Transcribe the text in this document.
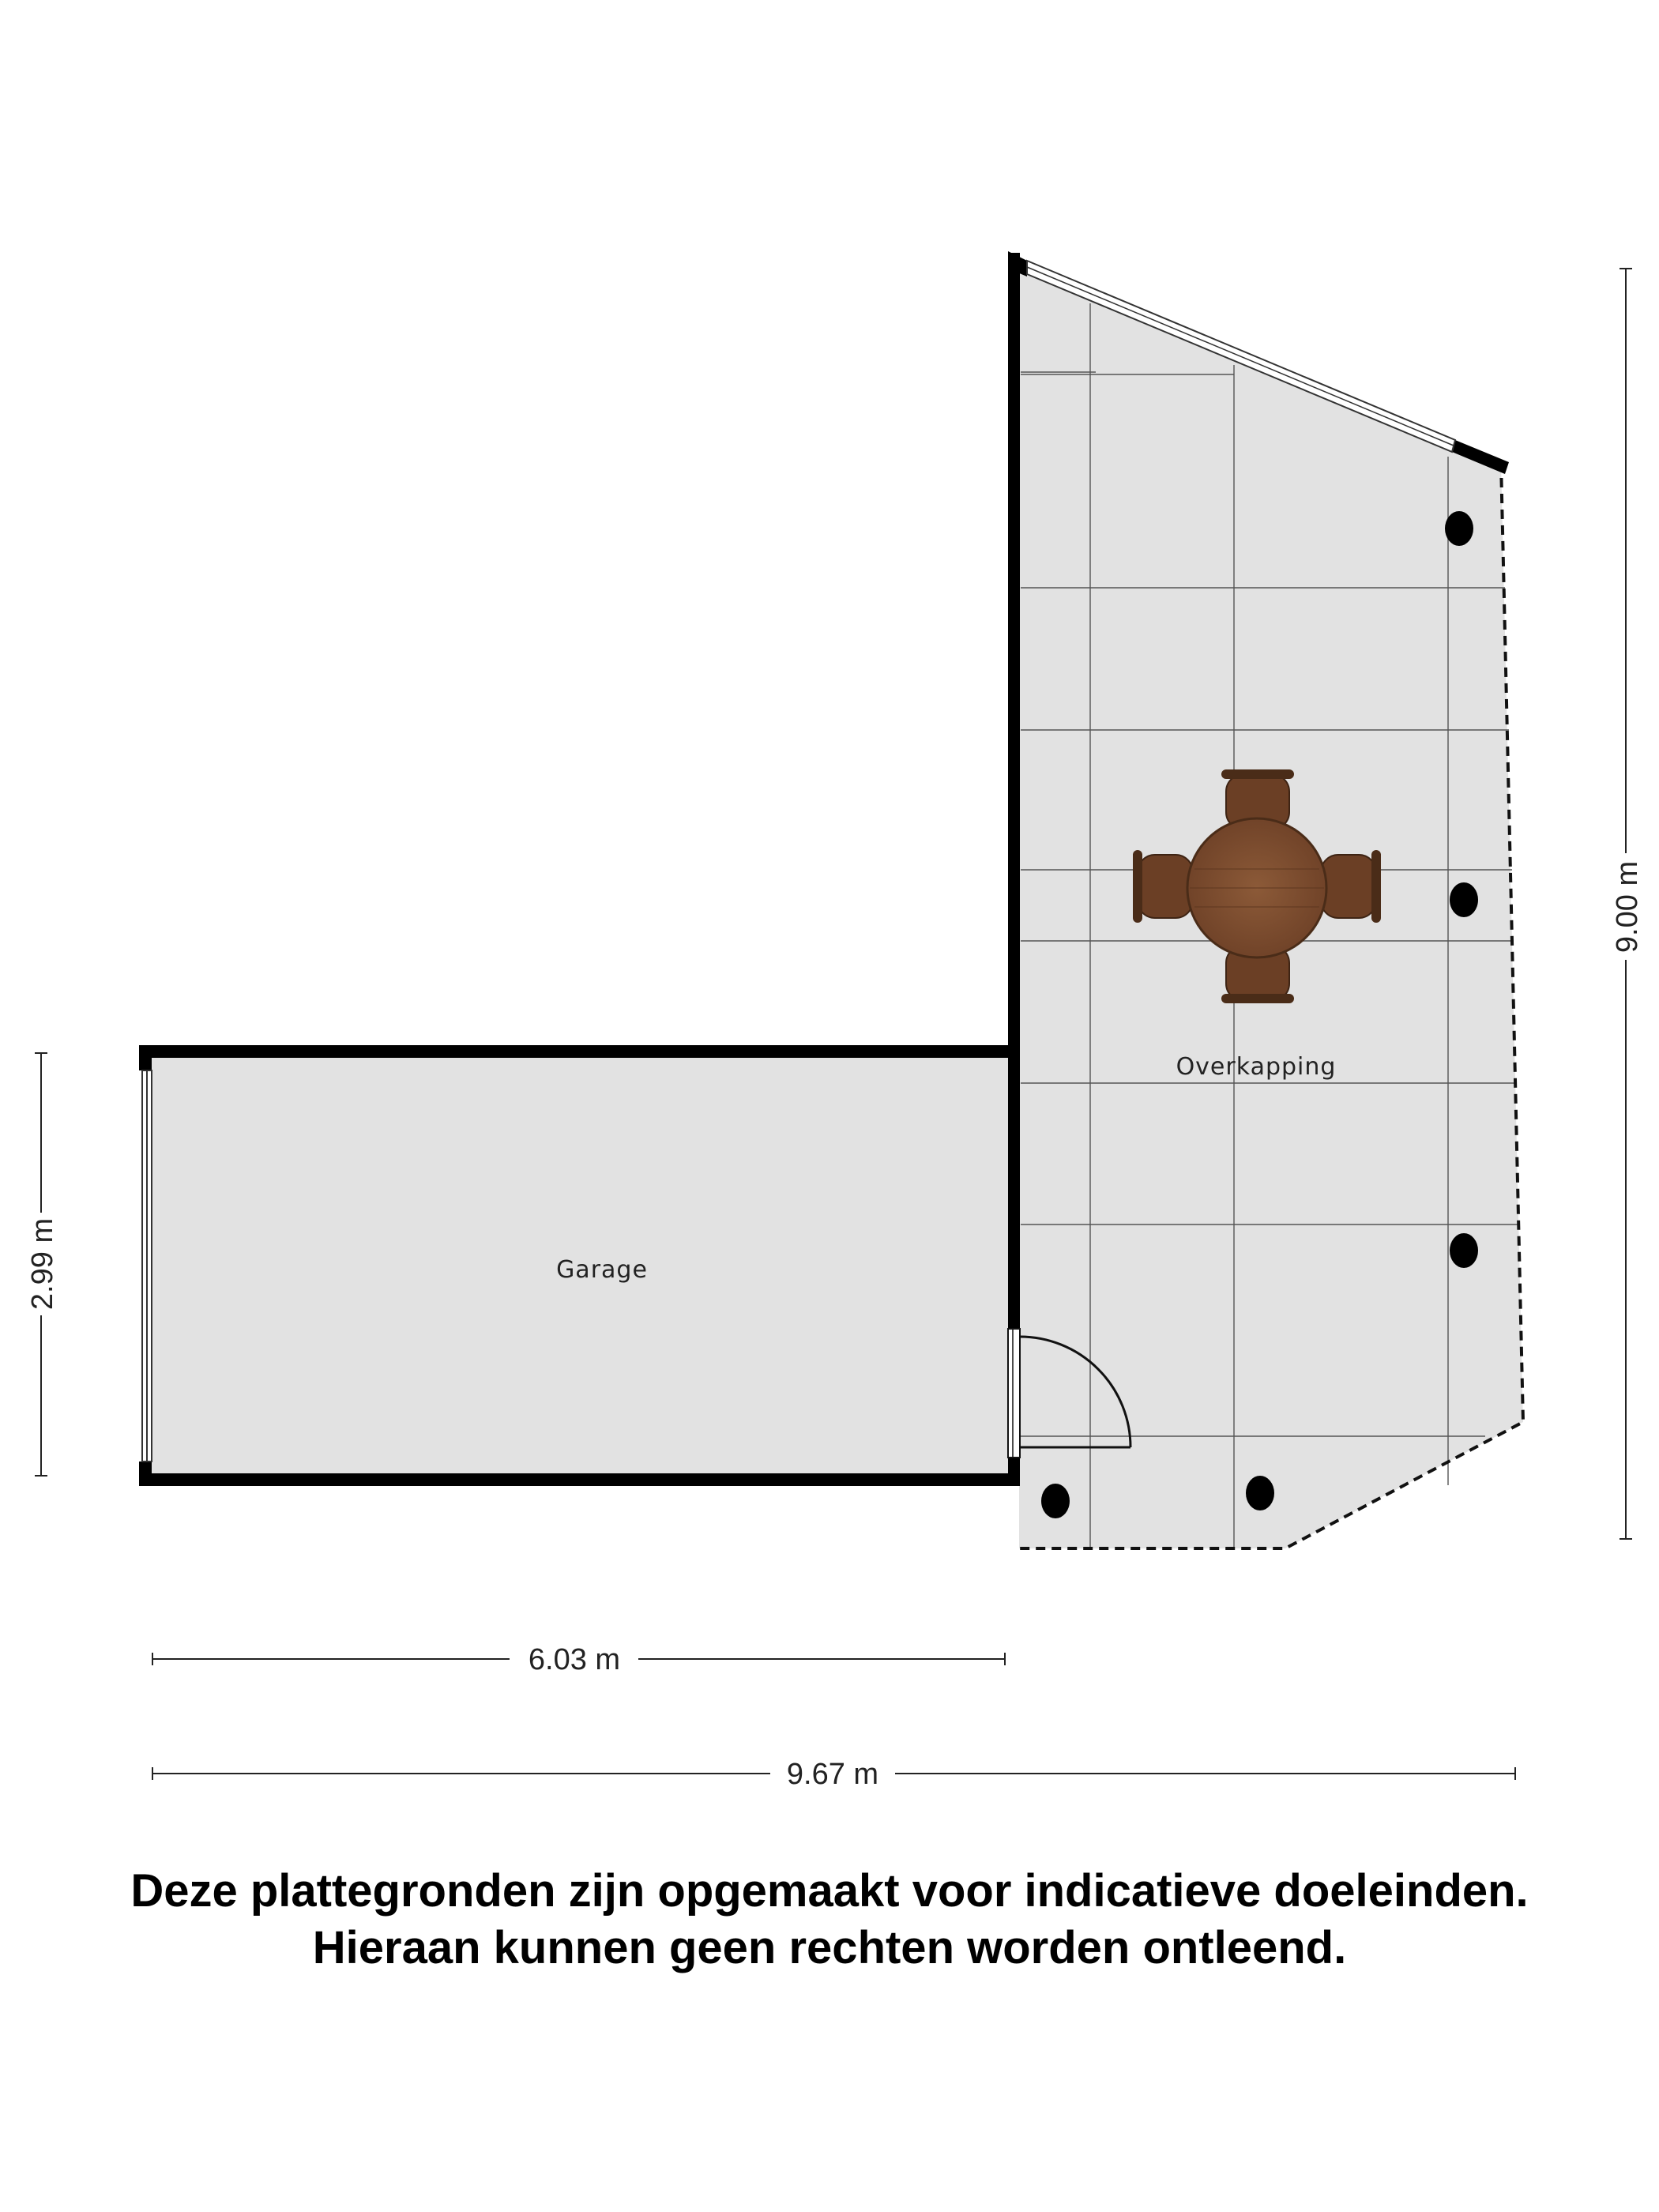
Overkapping
Garage
2.99 m
9.00 m
6.03 m
9.67 m
Deze plattegronden zijn opgemaakt voor indicatieve doeleinden.
Hieraan kunnen geen rechten worden ontleend.
